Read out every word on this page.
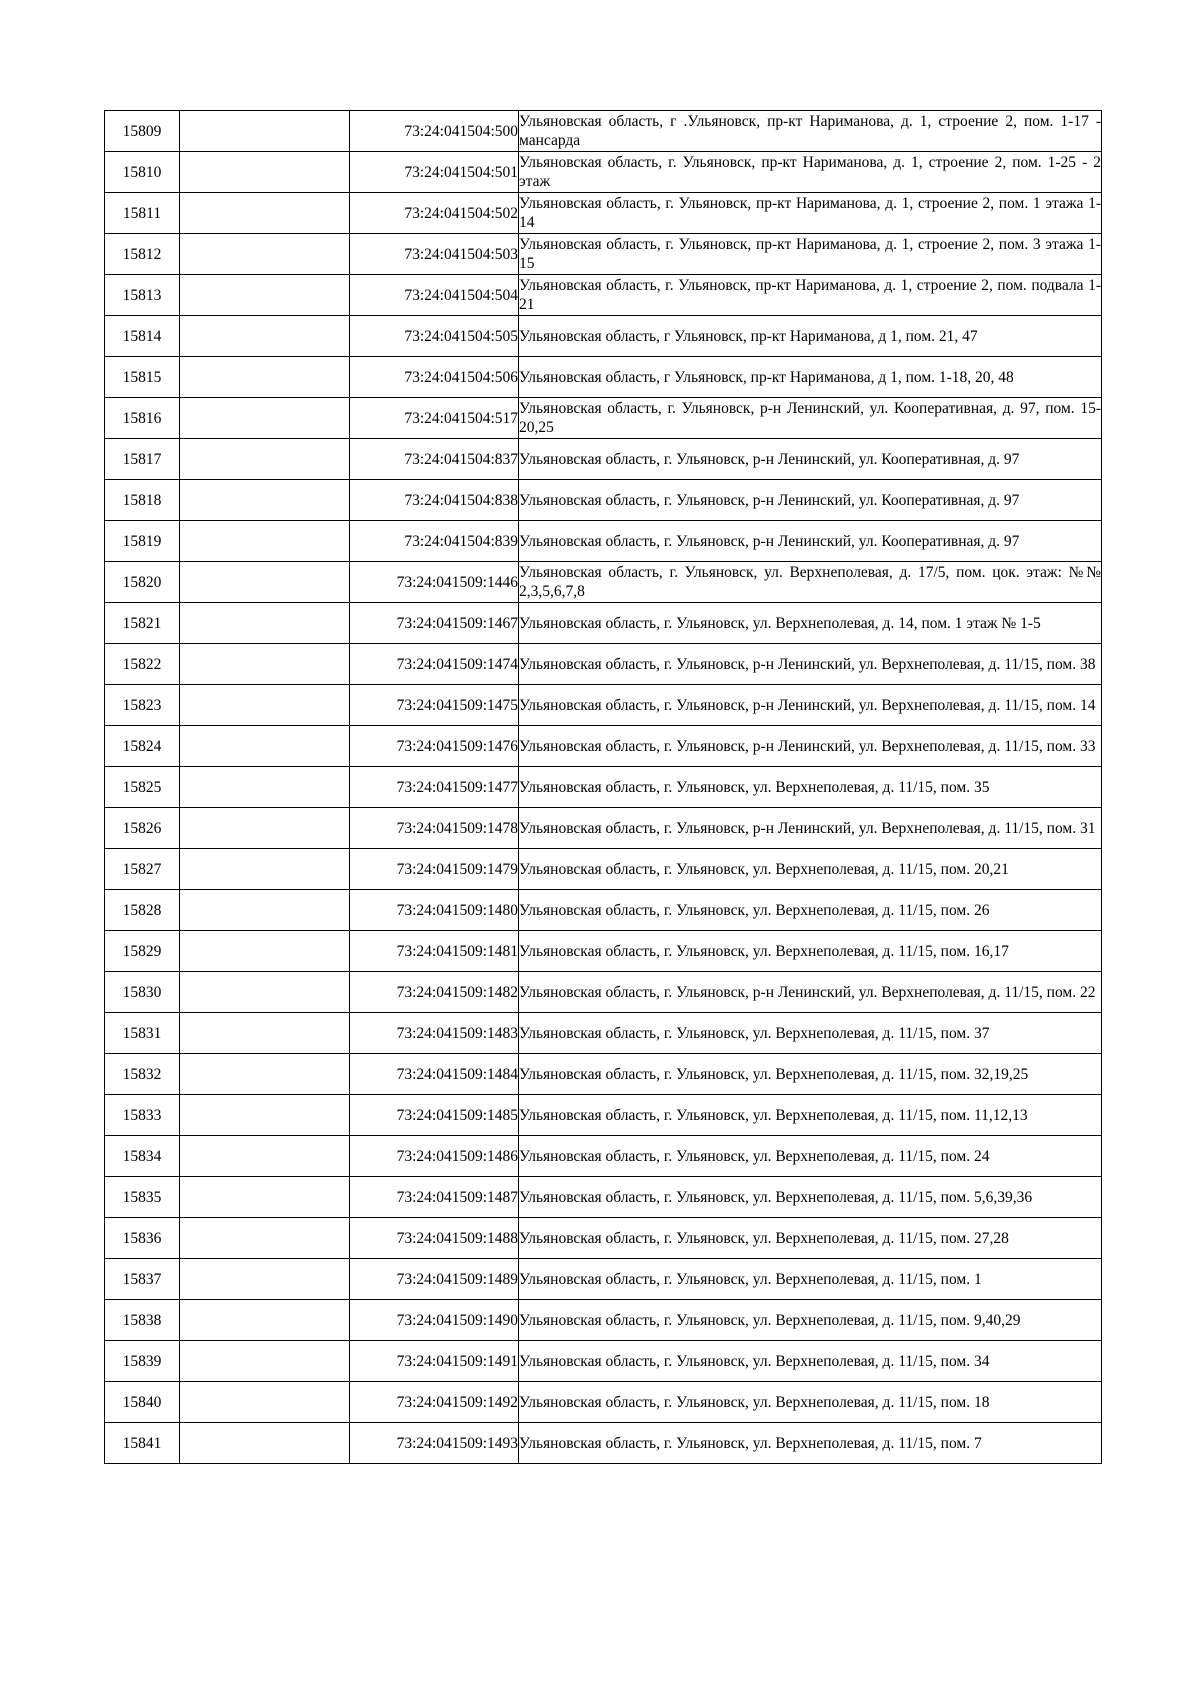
15809		73:24:041504:500	Ульяновская область, г .Ульяновск, пр-кт Нариманова, д. 1, строение 2, пом. 1-17 - мансарда

15810		73:24:041504:501	Ульяновская область, г. Ульяновск, пр-кт Нариманова, д. 1, строение 2, пом. 1-25 - 2 этаж

15811		73:24:041504:502	Ульяновская область, г. Ульяновск, пр-кт Нариманова, д. 1, строение 2, пом. 1 этажа 1-14

15812		73:24:041504:503	Ульяновская область, г. Ульяновск, пр-кт Нариманова, д. 1, строение 2, пом. 3 этажа 1-15

15813		73:24:041504:504	Ульяновская область, г. Ульяновск, пр-кт Нариманова, д. 1, строение 2, пом. подвала 1-21

15814		73:24:041504:505	Ульяновская область, г Ульяновск, пр-кт Нариманова, д 1, пом. 21, 47

15815		73:24:041504:506	Ульяновская область, г Ульяновск, пр-кт Нариманова, д 1, пом. 1-18, 20, 48

15816		73:24:041504:517	Ульяновская область, г. Ульяновск, р-н Ленинский, ул. Кооперативная, д. 97, пом. 15-20,25

15817		73:24:041504:837	Ульяновская область, г. Ульяновск, р-н Ленинский, ул. Кооперативная, д. 97

15818		73:24:041504:838	Ульяновская область, г. Ульяновск, р-н Ленинский, ул. Кооперативная, д. 97

15819		73:24:041504:839	Ульяновская область, г. Ульяновск, р-н Ленинский, ул. Кооперативная, д. 97

15820		73:24:041509:1446	Ульяновская область, г. Ульяновск, ул. Верхнеполевая, д. 17/5, пом. цок. этаж: №№ 2,3,5,6,7,8

15821		73:24:041509:1467	Ульяновская область, г. Ульяновск, ул. Верхнеполевая, д. 14, пом. 1 этаж № 1-5

15822		73:24:041509:1474	Ульяновская область, г. Ульяновск, р-н Ленинский, ул. Верхнеполевая, д. 11/15, пом. 38

15823		73:24:041509:1475	Ульяновская область, г. Ульяновск, р-н Ленинский, ул. Верхнеполевая, д. 11/15, пом. 14

15824		73:24:041509:1476	Ульяновская область, г. Ульяновск, р-н Ленинский, ул. Верхнеполевая, д. 11/15, пом. 33

15825		73:24:041509:1477	Ульяновская область, г. Ульяновск, ул. Верхнеполевая, д. 11/15, пом. 35

15826		73:24:041509:1478	Ульяновская область, г. Ульяновск, р-н Ленинский, ул. Верхнеполевая, д. 11/15, пом. 31

15827		73:24:041509:1479	Ульяновская область, г. Ульяновск, ул. Верхнеполевая, д. 11/15, пом. 20,21

15828		73:24:041509:1480	Ульяновская область, г. Ульяновск, ул. Верхнеполевая, д. 11/15, пом. 26

15829		73:24:041509:1481	Ульяновская область, г. Ульяновск, ул. Верхнеполевая, д. 11/15, пом. 16,17

15830		73:24:041509:1482	Ульяновская область, г. Ульяновск, р-н Ленинский, ул. Верхнеполевая, д. 11/15, пом. 22

15831		73:24:041509:1483	Ульяновская область, г. Ульяновск, ул. Верхнеполевая, д. 11/15, пом. 37

15832		73:24:041509:1484	Ульяновская область, г. Ульяновск, ул. Верхнеполевая, д. 11/15, пом. 32,19,25

15833		73:24:041509:1485	Ульяновская область, г. Ульяновск, ул. Верхнеполевая, д. 11/15, пом. 11,12,13

15834		73:24:041509:1486	Ульяновская область, г. Ульяновск, ул. Верхнеполевая, д. 11/15, пом. 24

15835		73:24:041509:1487	Ульяновская область, г. Ульяновск, ул. Верхнеполевая, д. 11/15, пом. 5,6,39,36

15836		73:24:041509:1488	Ульяновская область, г. Ульяновск, ул. Верхнеполевая, д. 11/15, пом. 27,28

15837		73:24:041509:1489	Ульяновская область, г. Ульяновск, ул. Верхнеполевая, д. 11/15, пом. 1

15838		73:24:041509:1490	Ульяновская область, г. Ульяновск, ул. Верхнеполевая, д. 11/15, пом. 9,40,29

15839		73:24:041509:1491	Ульяновская область, г. Ульяновск, ул. Верхнеполевая, д. 11/15, пом. 34

15840		73:24:041509:1492	Ульяновская область, г. Ульяновск, ул. Верхнеполевая, д. 11/15, пом. 18

15841		73:24:041509:1493	Ульяновская область, г. Ульяновск, ул. Верхнеполевая, д. 11/15, пом. 7
